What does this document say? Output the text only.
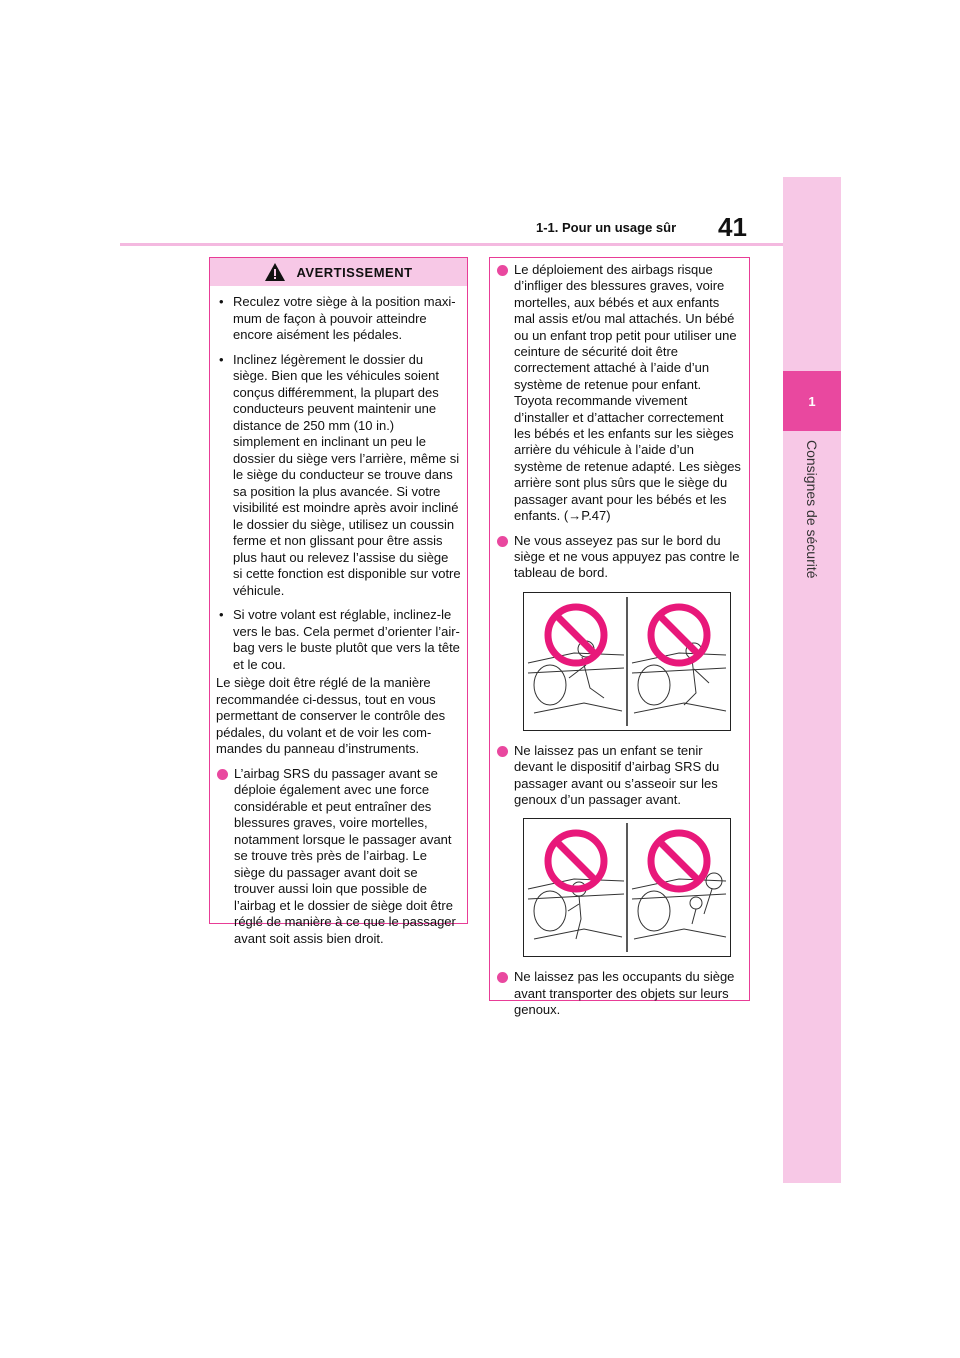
1-1. Pour un usage sûr 41
1
Consignes de sécurité
AVERTISSEMENT
• Reculez votre siège à la position maximum de façon à pouvoir atteindre encore aisément les pédales.
• Inclinez légèrement le dossier du siège. Bien que les véhicules soient conçus différemment, la plupart des conducteurs peuvent maintenir une distance de 250 mm (10 in.) simplement en inclinant un peu le dossier du siège vers l’arrière, même si le siège du conducteur se trouve dans sa position la plus avancée. Si votre visibilité est moindre après avoir incliné le dossier du siège, utilisez un coussin ferme et non glissant pour être assis plus haut ou relevez l’assise du siège si cette fonction est disponible sur votre véhicule.
• Si votre volant est réglable, inclinez-le vers le bas. Cela permet d’orienter l’airbag vers le buste plutôt que vers la tête et le cou.
Le siège doit être réglé de la manière recommandée ci-dessus, tout en vous permettant de conserver le contrôle des pédales, du volant et de voir les commandes du panneau d’instruments.
L’airbag SRS du passager avant se déploie également avec une force considérable et peut entraîner des blessures graves, voire mortelles, notamment lorsque le passager avant se trouve très près de l’airbag. Le siège du passager avant doit se trouver aussi loin que possible de l’airbag et le dossier de siège doit être réglé de manière à ce que le passager avant soit assis bien droit.
Le déploiement des airbags risque d’infliger des blessures graves, voire mortelles, aux bébés et aux enfants mal assis et/ou mal attachés. Un bébé ou un enfant trop petit pour utiliser une ceinture de sécurité doit être correctement attaché à l’aide d’un système de retenue pour enfant. Toyota recommande vivement d’installer et d’attacher correctement les bébés et les enfants sur les sièges arrière du véhicule à l’aide d’un système de retenue adapté. Les sièges arrière sont plus sûrs que le siège du passager avant pour les bébés et les enfants. (→P.47)
Ne vous asseyez pas sur le bord du siège et ne vous appuyez pas contre le tableau de bord.
Ne laissez pas un enfant se tenir devant le dispositif d’airbag SRS du passager avant ou s’asseoir sur les genoux d’un passager avant.
Ne laissez pas les occupants du siège avant transporter des objets sur leurs genoux.
